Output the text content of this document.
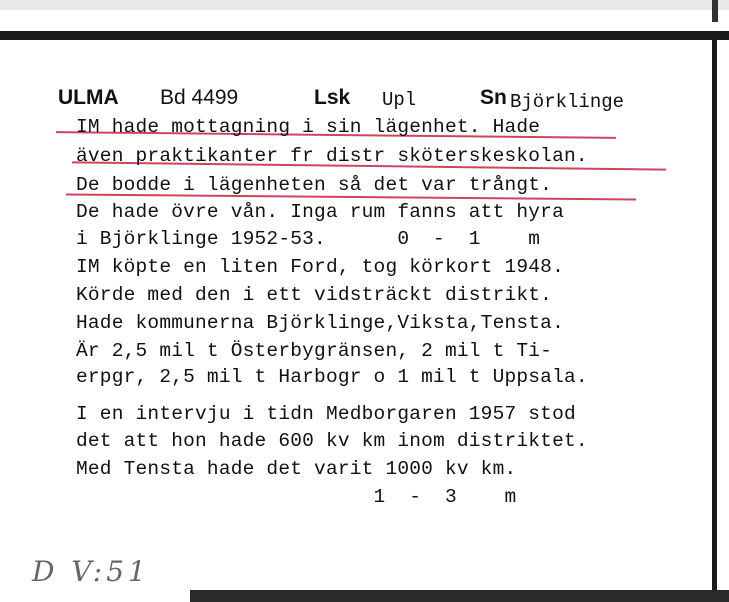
ULMA Bd 4499	Lsk Upl	Sn Björklinge
IM hade mottagning i sin lägenhet. Hade
även praktikanter fr distr sköterskeskolan.
De bodde i lägenheten så det var trångt.
De hade övre vån. Inga rum fanns att hyra
i Björklinge 1952-53.      0  -  1    m
IM köpte en liten Ford, tog körkort 1948.
Körde med den i ett vidsträckt distrikt.
Hade kommunerna Björklinge,Viksta,Tensta.
Är 2,5 mil t Österbygränsen, 2 mil t Ti-
erpgr, 2,5 mil t Harbogr o 1 mil t Uppsala.
I en intervju i tidn Medborgaren 1957 stod
det att hon hade 600 kv km inom distriktet.
Med Tensta hade det varit 1000 kv km.
1  -  3    m
D V:51
